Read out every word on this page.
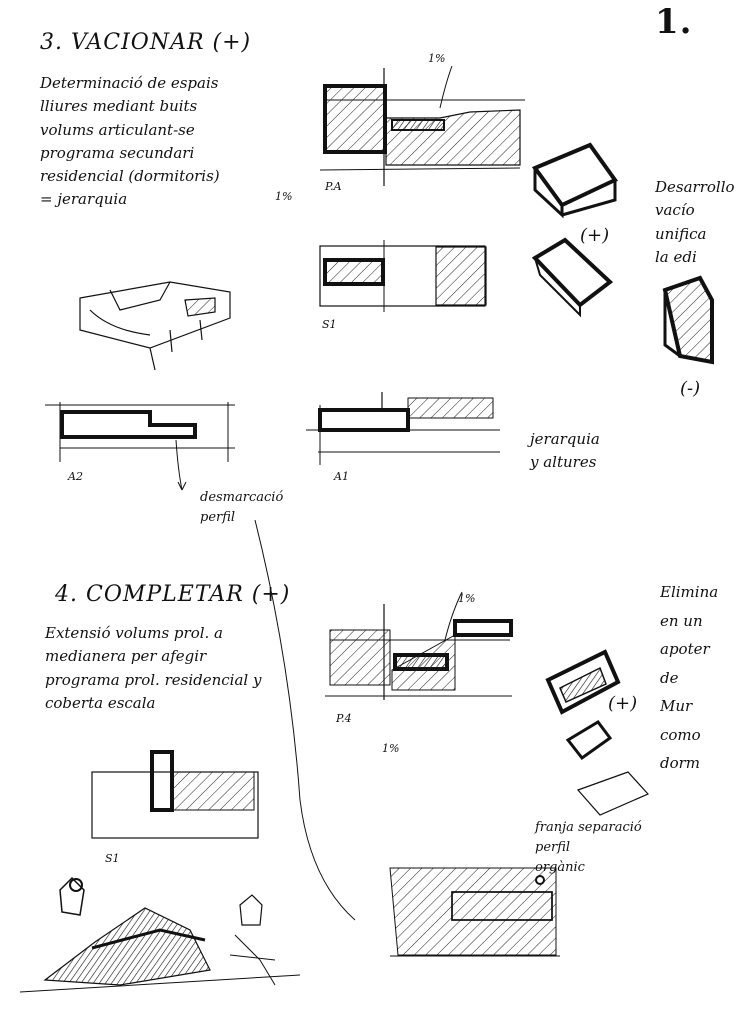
1.
3. VACIONAR (+)
Determinació de espais
lliures mediant buits
volums articulant-se
programa secundari
residencial (dormitoris)
= jerarquia
P.A
1%
1%
S1
A2	A1
desmarcació
perfil
jerarquia
y altures
(+)
Desarrollo
vacío
unifica
la edi
(-)
4. COMPLETAR (+)
Extensió volums prol. a
medianera per afegir
programa prol. residencial y
coberta escala
P.4
1%
1%
S1
franja separació
perfil
orgànic
(+)
Elimina
en un
apoter
de
Mur
como
dorm
